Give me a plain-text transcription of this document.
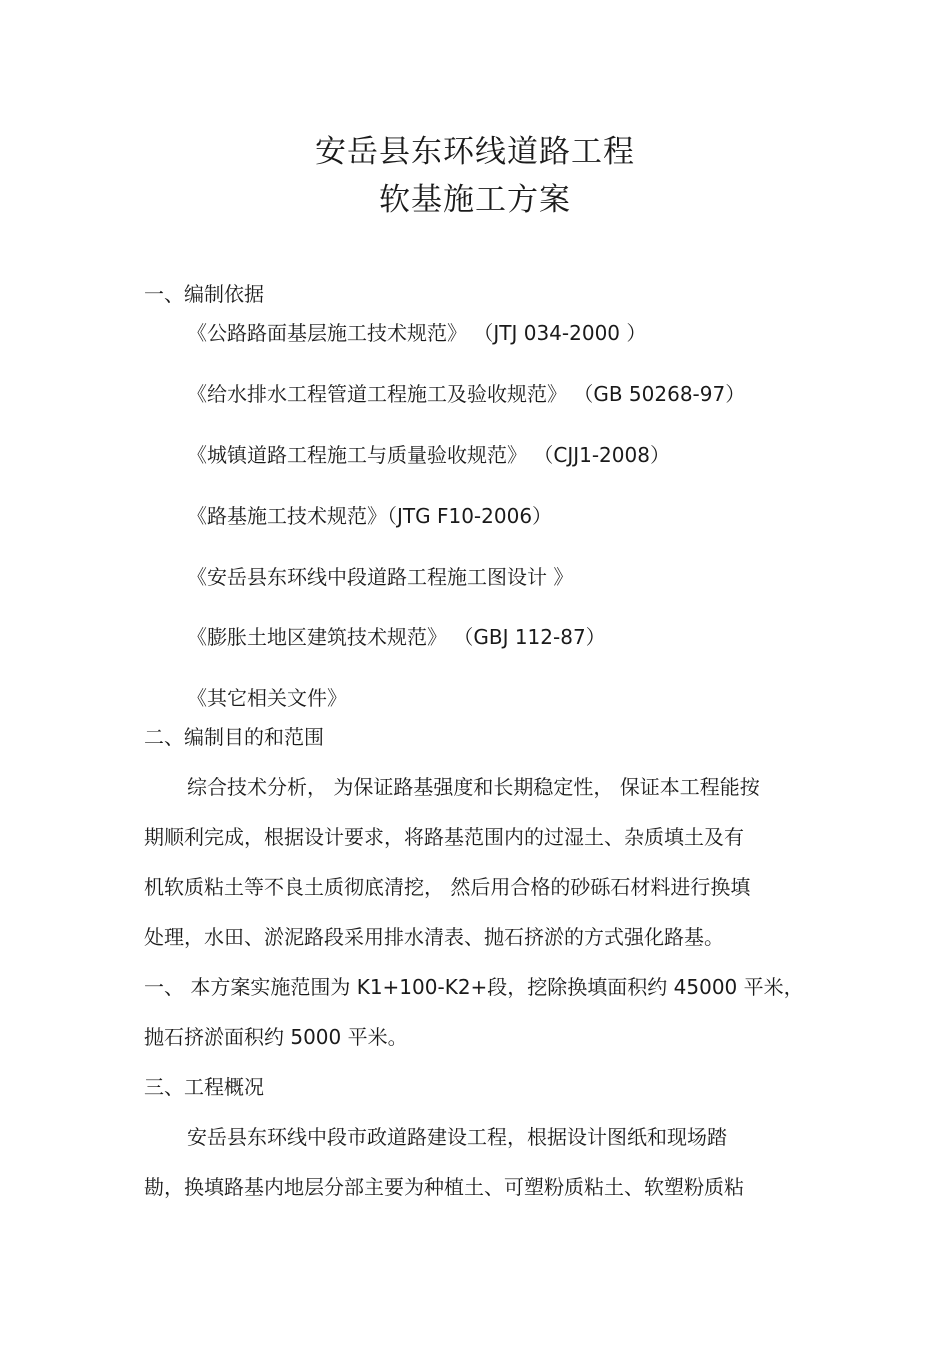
安岳县东环线道路工程
软基施工方案

一、编制依据

《公路路面基层施工技术规范》 （JTJ 034-2000 ）

《给水排水工程管道工程施工及验收规范》 （GB 50268-97）

《城镇道路工程施工与质量验收规范》 （CJJ1-2008）

《路基施工技术规范》（JTG F10-2006）

《安岳县东环线中段道路工程施工图设计 》

《膨胀土地区建筑技术规范》 （GBJ 112-87）

《其它相关文件》

二、编制目的和范围

综合技术分析， 为保证路基强度和长期稳定性， 保证本工程能按

期顺利完成，根据设计要求，将路基范围内的过湿土、杂质填土及有

机软质粘土等不良土质彻底清挖， 然后用合格的砂砾石材料进行换填

处理，水田、淤泥路段采用排水清表、抛石挤淤的方式强化路基。

一、 本方案实施范围为 K1+100-K2+段，挖除换填面积约 45000 平米，

抛石挤淤面积约 5000 平米。

三、工程概况

安岳县东环线中段市政道路建设工程，根据设计图纸和现场踏

勘，换填路基内地层分部主要为种植土、可塑粉质粘土、软塑粉质粘
